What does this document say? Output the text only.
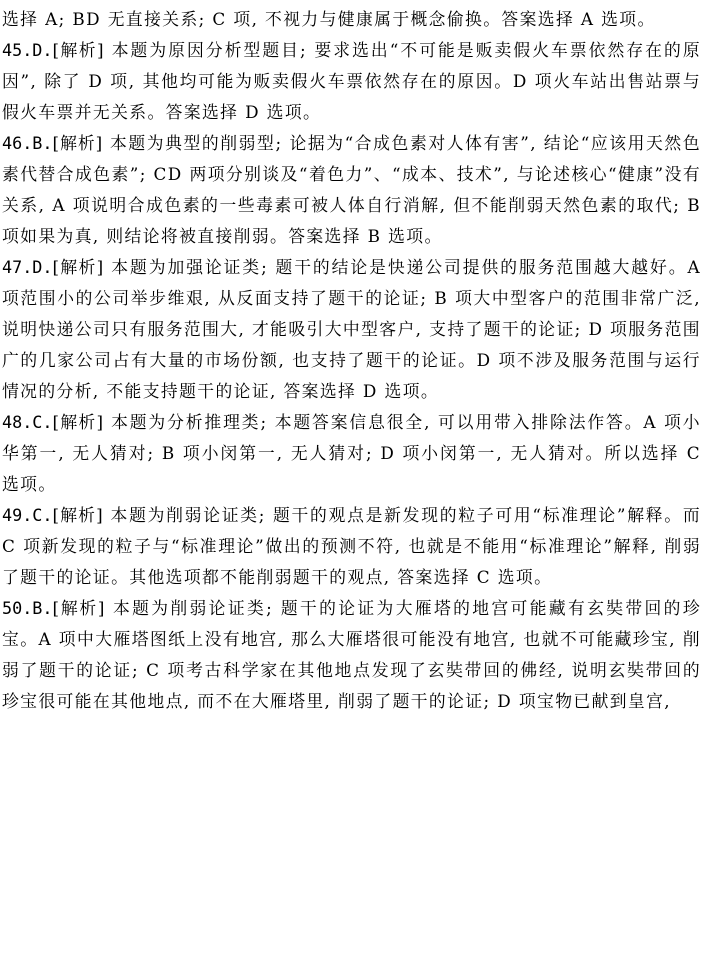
选择 A; BD 无直接关系; C 项, 不视力与健康属于概念偷换。答案选择 A 选项。

45.D.[解析] 本题为原因分析型题目; 要求选出“不可能是贩卖假火车票依然存在的原因”, 除了 D 项, 其他均可能为贩卖假火车票依然存在的原因。D 项火车站出售站票与假火车票并无关系。答案选择 D 选项。

46.B.[解析] 本题为典型的削弱型; 论据为“合成色素对人体有害”, 结论“应该用天然色素代替合成色素”; CD 两项分别谈及“着色力”、“成本、技术”, 与论述核心“健康”没有关系, A 项说明合成色素的一些毒素可被人体自行消解, 但不能削弱天然色素的取代; B 项如果为真, 则结论将被直接削弱。答案选择 B 选项。

47.D.[解析] 本题为加强论证类; 题干的结论是快递公司提供的服务范围越大越好。A 项范围小的公司举步维艰, 从反面支持了题干的论证; B 项大中型客户的范围非常广泛, 说明快递公司只有服务范围大, 才能吸引大中型客户, 支持了题干的论证; D 项服务范围广的几家公司占有大量的市场份额, 也支持了题干的论证。D 项不涉及服务范围与运行情况的分析, 不能支持题干的论证, 答案选择 D 选项。

48.C.[解析] 本题为分析推理类; 本题答案信息很全, 可以用带入排除法作答。A 项小华第一, 无人猜对; B 项小闵第一, 无人猜对; D 项小闵第一, 无人猜对。所以选择 C 选项。

49.C.[解析] 本题为削弱论证类; 题干的观点是新发现的粒子可用“标准理论”解释。而 C 项新发现的粒子与“标准理论”做出的预测不符, 也就是不能用“标准理论”解释, 削弱了题干的论证。其他选项都不能削弱题干的观点, 答案选择 C 选项。

50.B.[解析] 本题为削弱论证类; 题干的论证为大雁塔的地宫可能藏有玄奘带回的珍宝。A 项中大雁塔图纸上没有地宫, 那么大雁塔很可能没有地宫, 也就不可能藏珍宝, 削弱了题干的论证; C 项考古科学家在其他地点发现了玄奘带回的佛经, 说明玄奘带回的珍宝很可能在其他地点, 而不在大雁塔里, 削弱了题干的论证; D 项宝物已献到皇宫,
